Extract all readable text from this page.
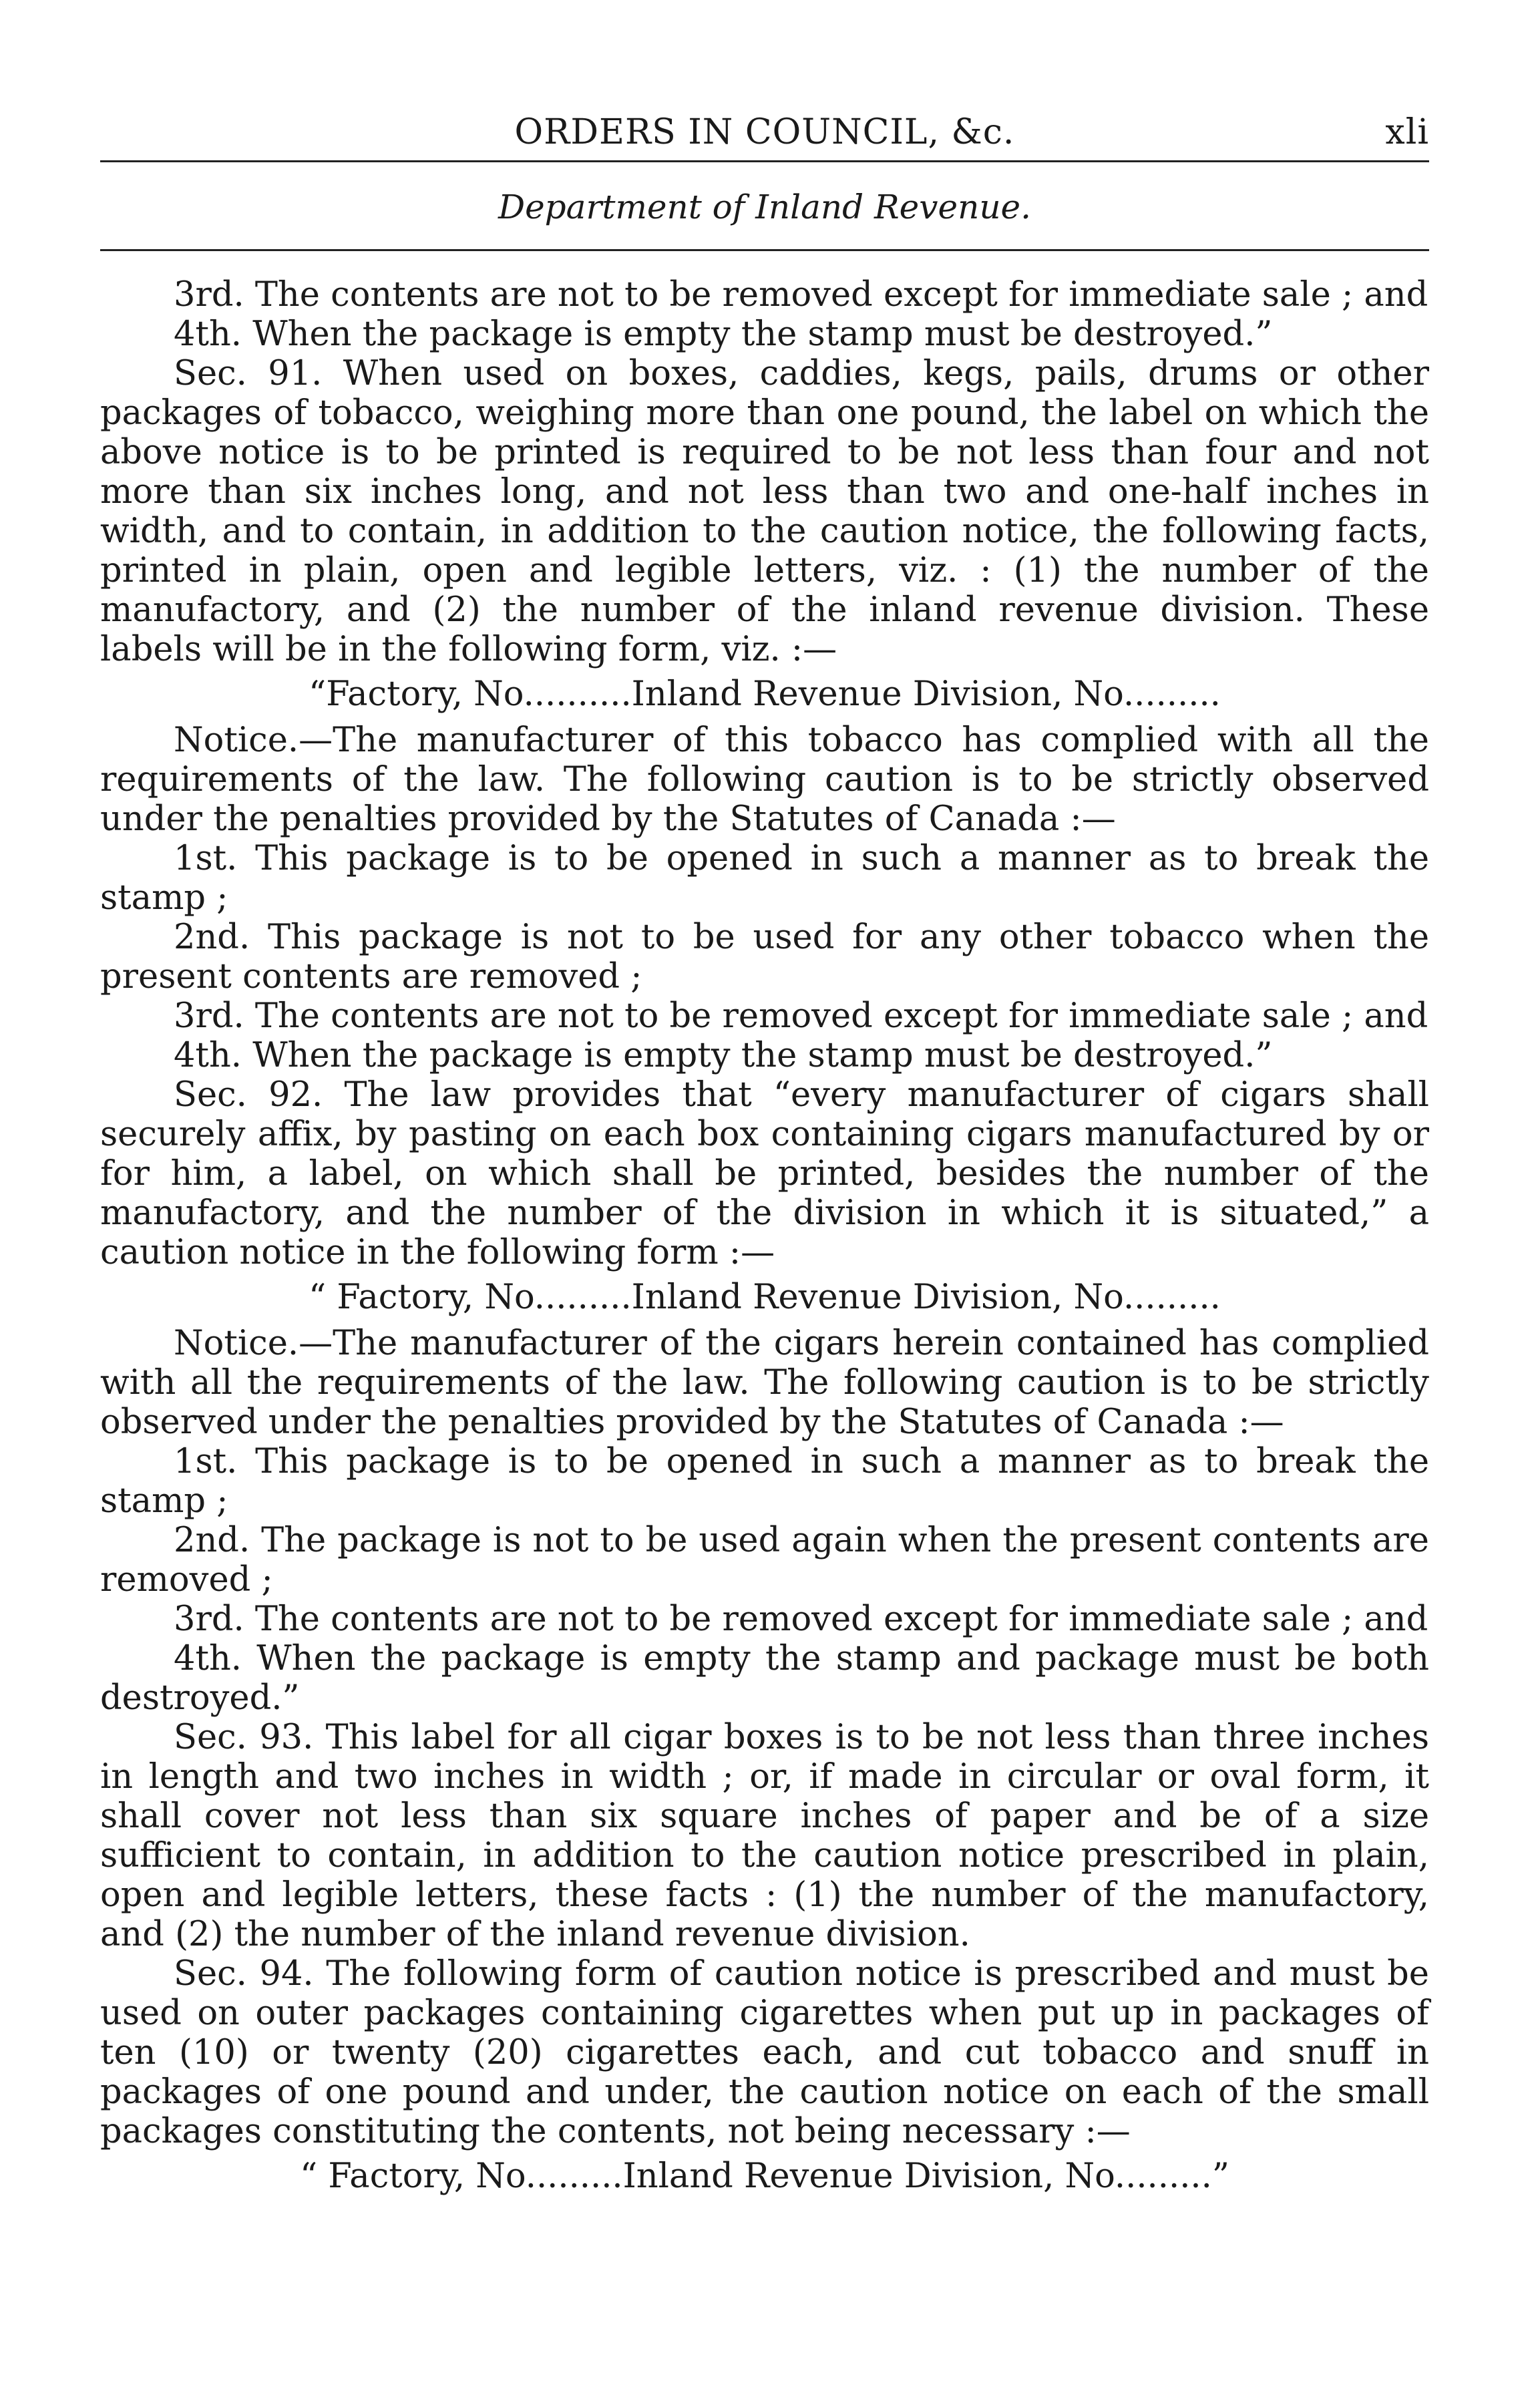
ORDERS IN COUNCIL, &c.	xli
Department of Inland Revenue.

3rd. The contents are not to be removed except for immediate sale ; and

4th. When the package is empty the stamp must be destroyed.”

Sec. 91. When used on boxes, caddies, kegs, pails, drums or other packages of tobacco, weighing more than one pound, the label on which the above notice is to be printed is required to be not less than four and not more than six inches long, and not less than two and one-half inches in width, and to contain, in addition to the caution notice, the following facts, printed in plain, open and legible letters, viz. : (1) the number of the manufactory, and (2) the number of the inland revenue division. These labels will be in the following form, viz. :—

“Factory, No..........Inland Revenue Division, No.........

Notice.—The manufacturer of this tobacco has complied with all the requirements of the law. The following caution is to be strictly observed under the penalties provided by the Statutes of Canada :—

1st. This package is to be opened in such a manner as to break the stamp ;

2nd. This package is not to be used for any other tobacco when the present contents are removed ;

3rd. The contents are not to be removed except for immediate sale ; and

4th. When the package is empty the stamp must be destroyed.”

Sec. 92. The law provides that “every manufacturer of cigars shall securely affix, by pasting on each box containing cigars manufactured by or for him, a label, on which shall be printed, besides the number of the manufactory, and the number of the division in which it is situated,” a caution notice in the following form :—

“ Factory, No.........Inland Revenue Division, No.........

Notice.—The manufacturer of the cigars herein contained has complied with all the requirements of the law. The following caution is to be strictly observed under the penalties provided by the Statutes of Canada :—

1st. This package is to be opened in such a manner as to break the stamp ;

2nd. The package is not to be used again when the present contents are removed ;

3rd. The contents are not to be removed except for immediate sale ; and

4th. When the package is empty the stamp and package must be both destroyed.”

Sec. 93. This label for all cigar boxes is to be not less than three inches in length and two inches in width ; or, if made in circular or oval form, it shall cover not less than six square inches of paper and be of a size sufficient to contain, in addition to the caution notice prescribed in plain, open and legible letters, these facts : (1) the number of the manufactory, and (2) the number of the inland revenue division.

Sec. 94. The following form of caution notice is prescribed and must be used on outer packages containing cigarettes when put up in packages of ten (10) or twenty (20) cigarettes each, and cut tobacco and snuff in packages of one pound and under, the caution notice on each of the small packages constituting the contents, not being necessary :—

“ Factory, No.........Inland Revenue Division, No.........”
